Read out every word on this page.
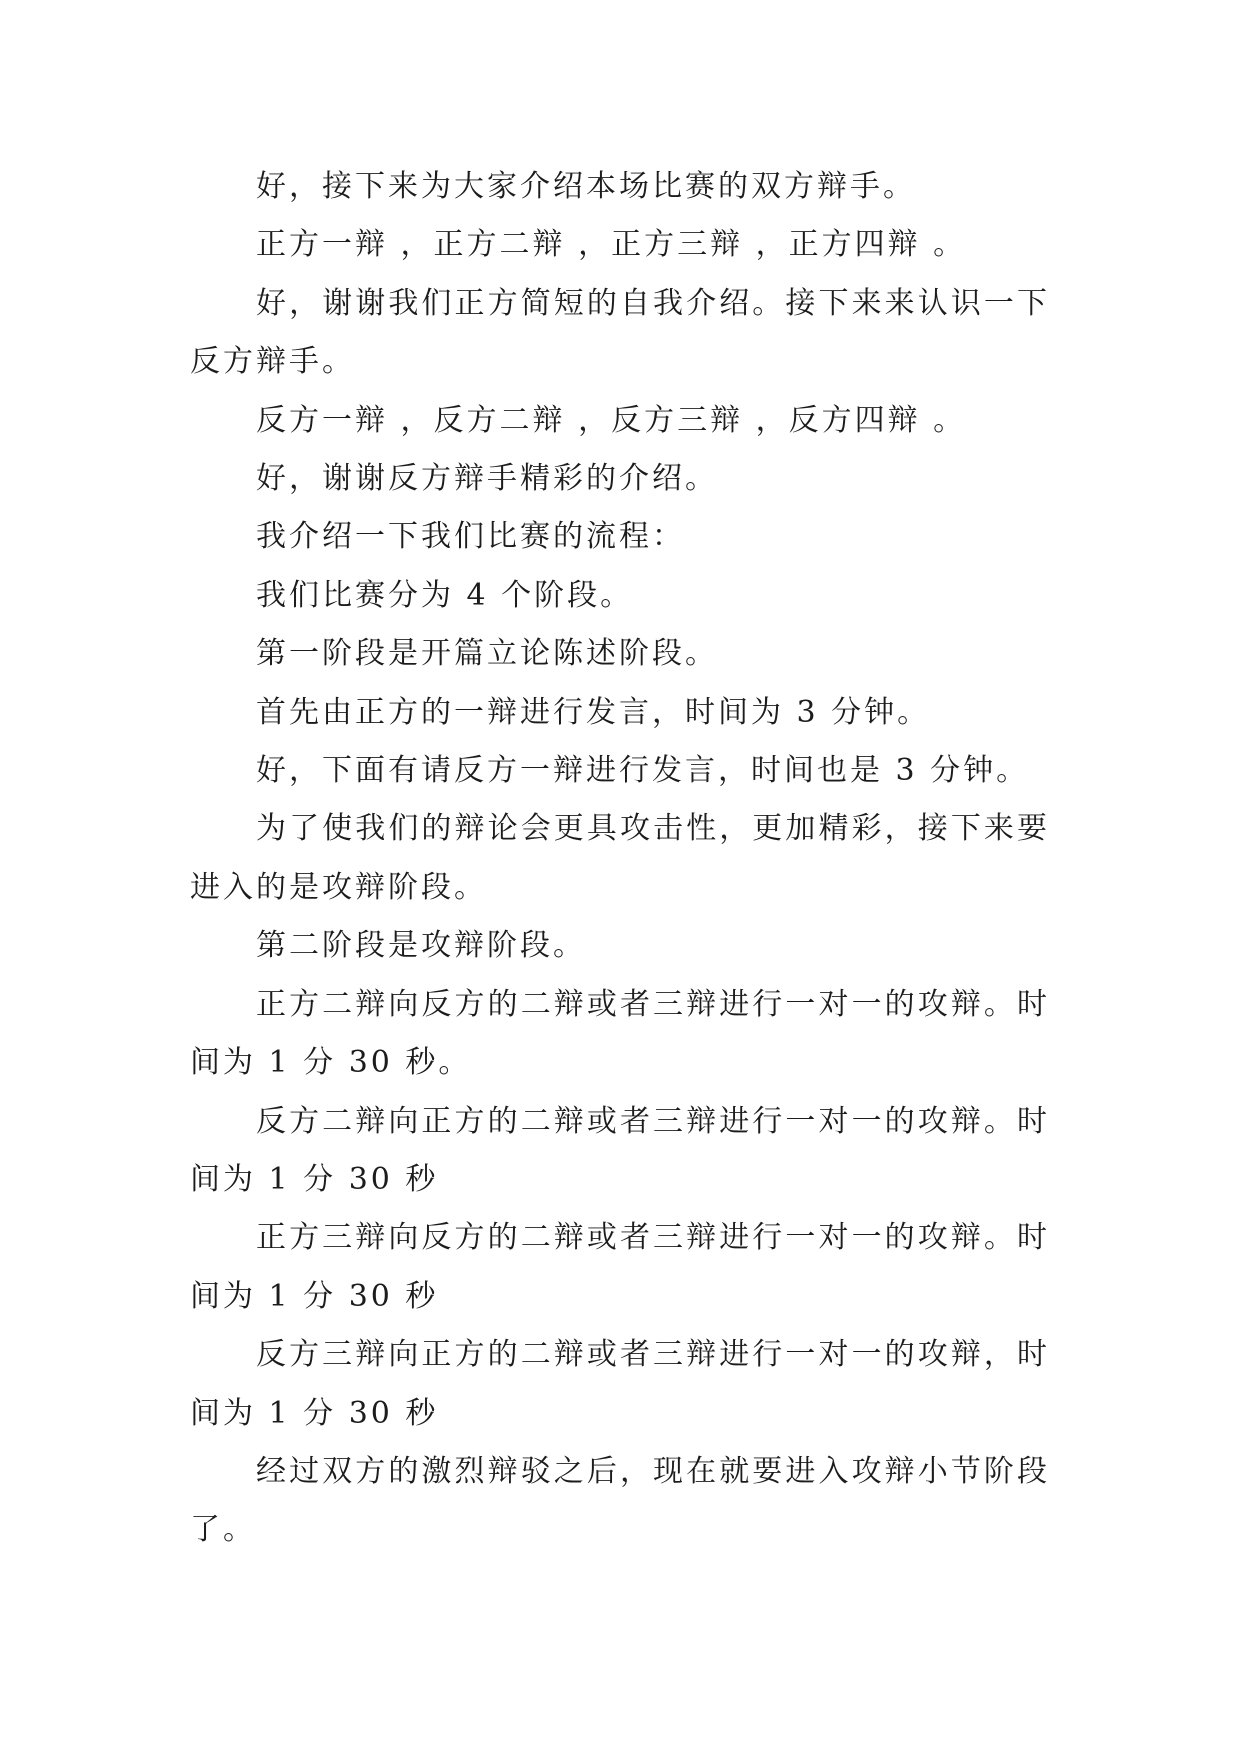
好，接下来为大家介绍本场比赛的双方辩手。

正方一辩 ，正方二辩 ，正方三辩 ，正方四辩 。

好，谢谢我们正方简短的自我介绍。接下来来认识一下反方辩手。

反方一辩 ，反方二辩 ，反方三辩 ，反方四辩 。

好，谢谢反方辩手精彩的介绍。

我介绍一下我们比赛的流程：

我们比赛分为 4 个阶段。

第一阶段是开篇立论陈述阶段。

首先由正方的一辩进行发言，时间为 3 分钟。

好，下面有请反方一辩进行发言，时间也是 3 分钟。

为了使我们的辩论会更具攻击性，更加精彩，接下来要进入的是攻辩阶段。

第二阶段是攻辩阶段。

正方二辩向反方的二辩或者三辩进行一对一的攻辩。时间为 1 分 30 秒。

反方二辩向正方的二辩或者三辩进行一对一的攻辩。时间为 1 分 30 秒

正方三辩向反方的二辩或者三辩进行一对一的攻辩。时间为 1 分 30 秒

反方三辩向正方的二辩或者三辩进行一对一的攻辩，时间为 1 分 30 秒

经过双方的激烈辩驳之后，现在就要进入攻辩小节阶段了。
